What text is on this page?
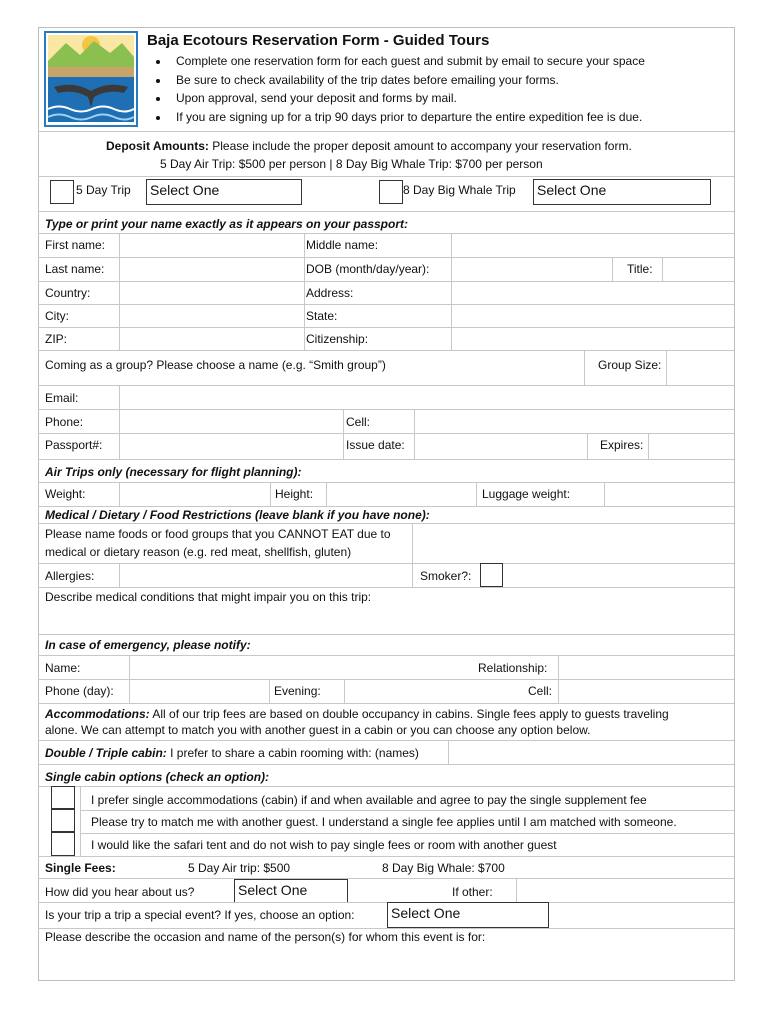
Baja Ecotours Reservation Form - Guided Tours
• Complete one reservation form for each guest and submit by email to secure your space
• Be sure to check availability of the trip dates before emailing your forms.
• Upon approval, send your deposit and forms by mail.
• If you are signing up for a trip 90 days prior to departure the entire expedition fee is due.
Deposit Amounts: Please include the proper deposit amount to accompany your reservation form.
5 Day Air Trip: $500 per person | 8 Day Big Whale Trip: $700 per person
5 Day Trip Select One	8 Day Big Whale Trip Select One
Type or print your name exactly as it appears on your passport:
First name:	Middle name:
Last name:	DOB (month/day/year):	Title:
Country:	Address:
City:	State:
ZIP:	Citizenship:
Coming as a group? Please choose a name (e.g. “Smith group”)	Group Size:
Email:
Phone:	Cell:
Passport#:	Issue date:	Expires:
Air Trips only (necessary for flight planning):
Weight:	Height:	Luggage weight:
Medical / Dietary / Food Restrictions (leave blank if you have none):
Please name foods or food groups that you CANNOT EAT due to
medical or dietary reason (e.g. red meat, shellfish, gluten)
Allergies:	Smoker?:
Describe medical conditions that might impair you on this trip:
In case of emergency, please notify:
Name:	Relationship:
Phone (day):	Evening:	Cell:
Accommodations: All of our trip fees are based on double occupancy in cabins. Single fees apply to guests traveling
alone. We can attempt to match you with another guest in a cabin or you can choose any option below.
Double / Triple cabin: I prefer to share a cabin rooming with: (names)
Single cabin options (check an option):
I prefer single accommodations (cabin) if and when available and agree to pay the single supplement fee
Please try to match me with another guest. I understand a single fee applies until I am matched with someone.
I would like the safari tent and do not wish to pay single fees or room with another guest
Single Fees:	5 Day Air trip: $500	8 Day Big Whale: $700
How did you hear about us?	Select One	If other:
Is your trip a trip a special event? If yes, choose an option:	Select One
Please describe the occasion and name of the person(s) for whom this event is for:
